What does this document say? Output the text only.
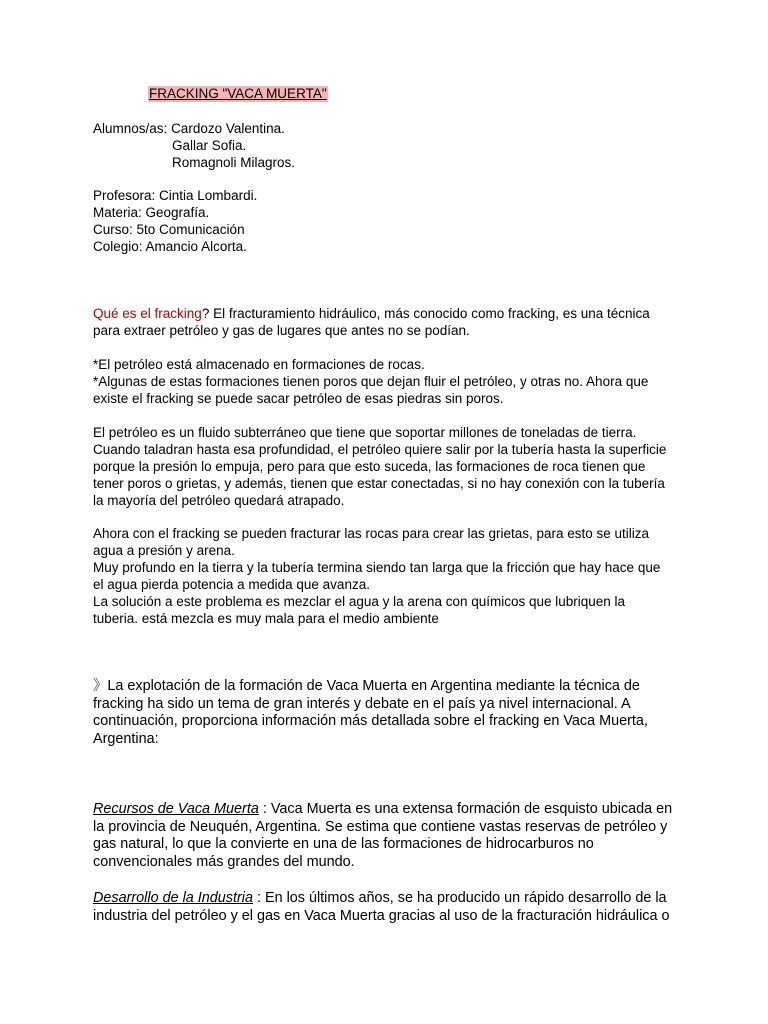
FRACKING "VACA MUERTA"
Alumnos/as: Cardozo Valentina.
Gallar Sofia.
Romagnoli Milagros.
Profesora: Cintia Lombardi.
Materia: Geografía.
Curso: 5to Comunicación
Colegio: Amancio Alcorta.
Qué es el fracking? El fracturamiento hidráulico, más conocido como fracking, es una técnica
para extraer petróleo y gas de lugares que antes no se podían.
*El petróleo está almacenado en formaciones de rocas.
*Algunas de estas formaciones tienen poros que dejan fluir el petróleo, y otras no. Ahora que
existe el fracking se puede sacar petróleo de esas piedras sin poros.
El petróleo es un fluido subterráneo que tiene que soportar millones de toneladas de tierra.
Cuando taladran hasta esa profundidad, el petróleo quiere salir por la tubería hasta la superficie
porque la presión lo empuja, pero para que esto suceda, las formaciones de roca tienen que
tener poros o grietas, y además, tienen que estar conectadas, si no hay conexión con la tubería
la mayoría del petróleo quedará atrapado.
Ahora con el fracking se pueden fracturar las rocas para crear las grietas, para esto se utiliza
agua a presión y arena.
Muy profundo en la tierra y la tubería termina siendo tan larga que la fricción que hay hace que
el agua pierda potencia a medida que avanza.
La solución a este problema es mezclar el agua y la arena con químicos que lubriquen la
tuberia. está mezcla es muy mala para el medio ambiente
》La explotación de la formación de Vaca Muerta en Argentina mediante la técnica de
fracking ha sido un tema de gran interés y debate en el país ya nivel internacional. A
continuación, proporciona información más detallada sobre el fracking en Vaca Muerta,
Argentina:
Recursos de Vaca Muerta : Vaca Muerta es una extensa formación de esquisto ubicada en
la provincia de Neuquén, Argentina. Se estima que contiene vastas reservas de petróleo y
gas natural, lo que la convierte en una de las formaciones de hidrocarburos no
convencionales más grandes del mundo.
Desarrollo de la Industria : En los últimos años, se ha producido un rápido desarrollo de la
industria del petróleo y el gas en Vaca Muerta gracias al uso de la fracturación hidráulica o
